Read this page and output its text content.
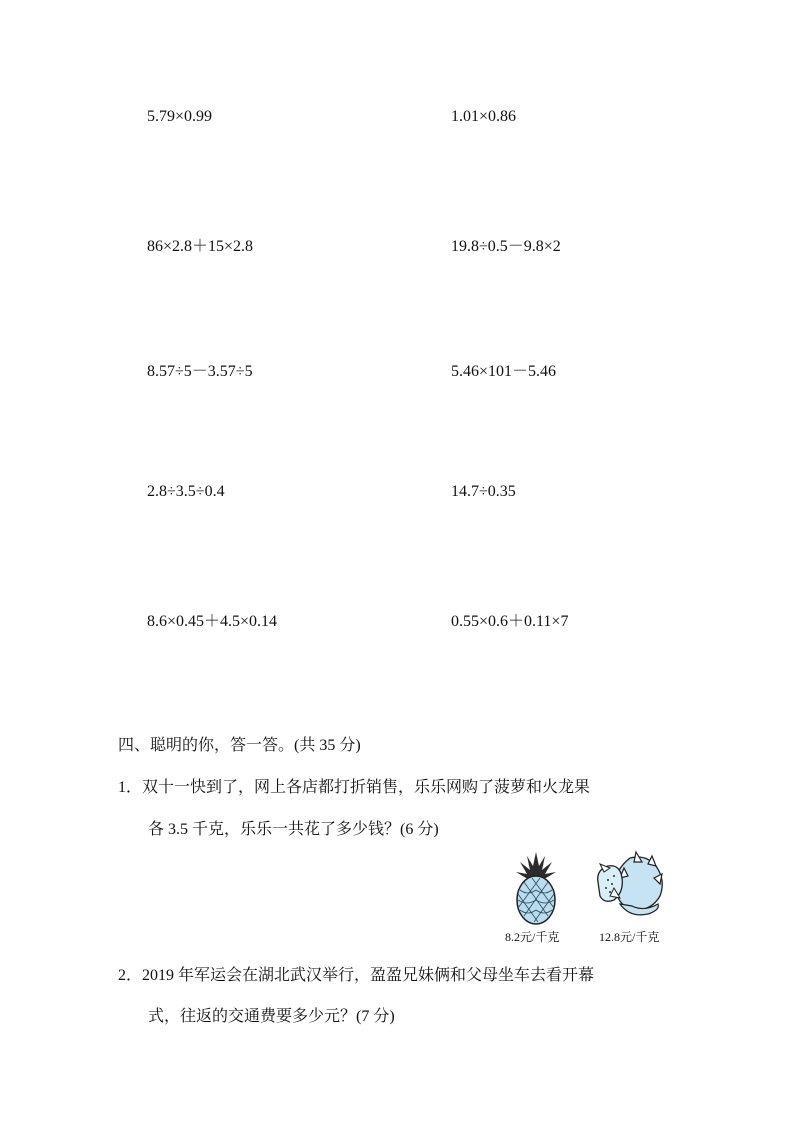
5.79×0.99	1.01×0.86
86×2.8＋15×2.8	19.8÷0.5－9.8×2
8.57÷5－3.57÷5	5.46×101－5.46
2.8÷3.5÷0.4	14.7÷0.35
8.6×0.45＋4.5×0.14	0.55×0.6＋0.11×7
四、聪明的你，答一答。(共 35 分)
1．双十一快到了，网上各店都打折销售，乐乐网购了菠萝和火龙果
各 3.5 千克，乐乐一共花了多少钱？(6 分)
8.2元/千克	12.8元/千克
2．2019 年军运会在湖北武汉举行，盈盈兄妹俩和父母坐车去看开幕
式，往返的交通费要多少元？(7 分)
